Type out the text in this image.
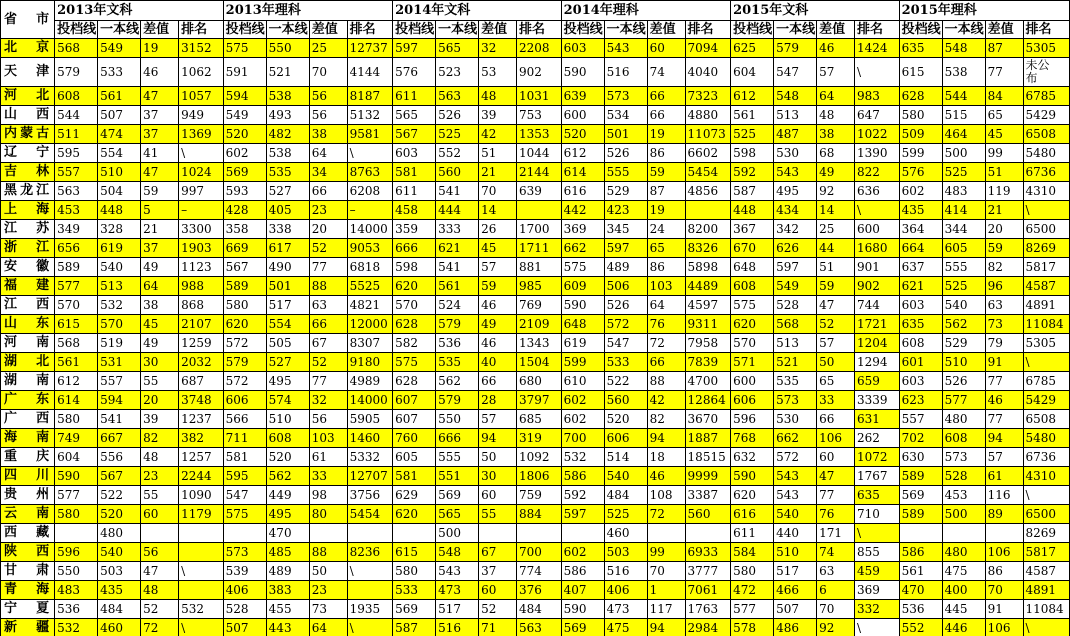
省市	2013年文科				2013年理科				2014年文科				2014年理科				2015年文科				2015年理科			
	投档线	一本线	差值	排名	投档线	一本线	差值	排名	投档线	一本线	差值	排名	投档线	一本线	差值	排名	投档线	一本线	差值	排名	投档线	一本线	差值	排名
北京	568	549	19	3152	575	550	25	12737	597	565	32	2208	603	543	60	7094	625	579	46	1424	635	548	87	5305
天津	579	533	46	1062	591	521	70	4144	576	523	53	902	590	516	74	4040	604	547	57	\	615	538	77	未公布

河北	608	561	47	1057	594	538	56	8187	611	563	48	1031	639	573	66	7323	612	548	64	983	628	544	84	6785
山西	544	507	37	949	549	493	56	5132	565	526	39	753	600	534	66	4880	561	513	48	647	580	515	65	5429
内蒙古	511	474	37	1369	520	482	38	9581	567	525	42	1353	520	501	19	11073	525	487	38	1022	509	464	45	6508
辽宁	595	554	41	\	602	538	64	\	603	552	51	1044	612	526	86	6602	598	530	68	1390	599	500	99	5480
吉林	557	510	47	1024	569	535	34	8763	581	560	21	2144	614	555	59	5454	592	543	49	822	576	525	51	6736
黑龙江	563	504	59	997	593	527	66	6208	611	541	70	639	616	529	87	4856	587	495	92	636	602	483	119	4310
上海	453	448	5	–	428	405	23	–	458	444	14		442	423	19		448	434	14	\	435	414	21	\
江苏	349	328	21	3300	358	338	20	14000	359	333	26	1700	369	345	24	8200	367	342	25	600	364	344	20	6500
浙江	656	619	37	1903	669	617	52	9053	666	621	45	1711	662	597	65	8326	670	626	44	1680	664	605	59	8269
安徽	589	540	49	1123	567	490	77	6818	598	541	57	881	575	489	86	5898	648	597	51	901	637	555	82	5817
福建	577	513	64	988	589	501	88	5525	620	561	59	985	609	506	103	4489	608	549	59	902	621	525	96	4587
江西	570	532	38	868	580	517	63	4821	570	524	46	769	590	526	64	4597	575	528	47	744	603	540	63	4891
山东	615	570	45	2107	620	554	66	12000	628	579	49	2109	648	572	76	9311	620	568	52	1721	635	562	73	11084
河南	568	519	49	1259	572	505	67	8307	582	536	46	1343	619	547	72	7958	570	513	57	1204	608	529	79	5305
湖北	561	531	30	2032	579	527	52	9180	575	535	40	1504	599	533	66	7839	571	521	50	1294	601	510	91	\
湖南	612	557	55	687	572	495	77	4989	628	562	66	680	610	522	88	4700	600	535	65	659	603	526	77	6785
广东	614	594	20	3748	606	574	32	14000	607	579	28	3797	602	560	42	12864	606	573	33	3339	623	577	46	5429
广西	580	541	39	1237	566	510	56	5905	607	550	57	685	602	520	82	3670	596	530	66	631	557	480	77	6508
海南	749	667	82	382	711	608	103	1460	760	666	94	319	700	606	94	1887	768	662	106	262	702	608	94	5480
重庆	604	556	48	1257	581	520	61	5332	605	555	50	1092	532	514	18	18515	632	572	60	1072	630	573	57	6736
四川	590	567	23	2244	595	562	33	12707	581	551	30	1806	586	540	46	9999	590	543	47	1767	589	528	61	4310
贵州	577	522	55	1090	547	449	98	3756	629	569	60	759	592	484	108	3387	620	543	77	635	569	453	116	\
云南	580	520	60	1179	575	495	80	5454	620	565	55	884	597	525	72	560	616	540	76	710	589	500	89	6500
西藏		480				470				500				460			611	440	171	\				8269
陕西	596	540	56		573	485	88	8236	615	548	67	700	602	503	99	6933	584	510	74	855	586	480	106	5817
甘肃	550	503	47	\	539	489	50	\	580	543	37	774	586	516	70	3777	580	517	63	459	561	475	86	4587
青海	483	435	48		406	383	23		533	473	60	376	407	406	1	7061	472	466	6	369	470	400	70	4891
宁夏	536	484	52	532	528	455	73	1935	569	517	52	484	590	473	117	1763	577	507	70	332	536	445	91	11084
新疆	532	460	72	\	507	443	64	\	587	516	71	563	569	475	94	2984	578	486	92	\	552	446	106	\
